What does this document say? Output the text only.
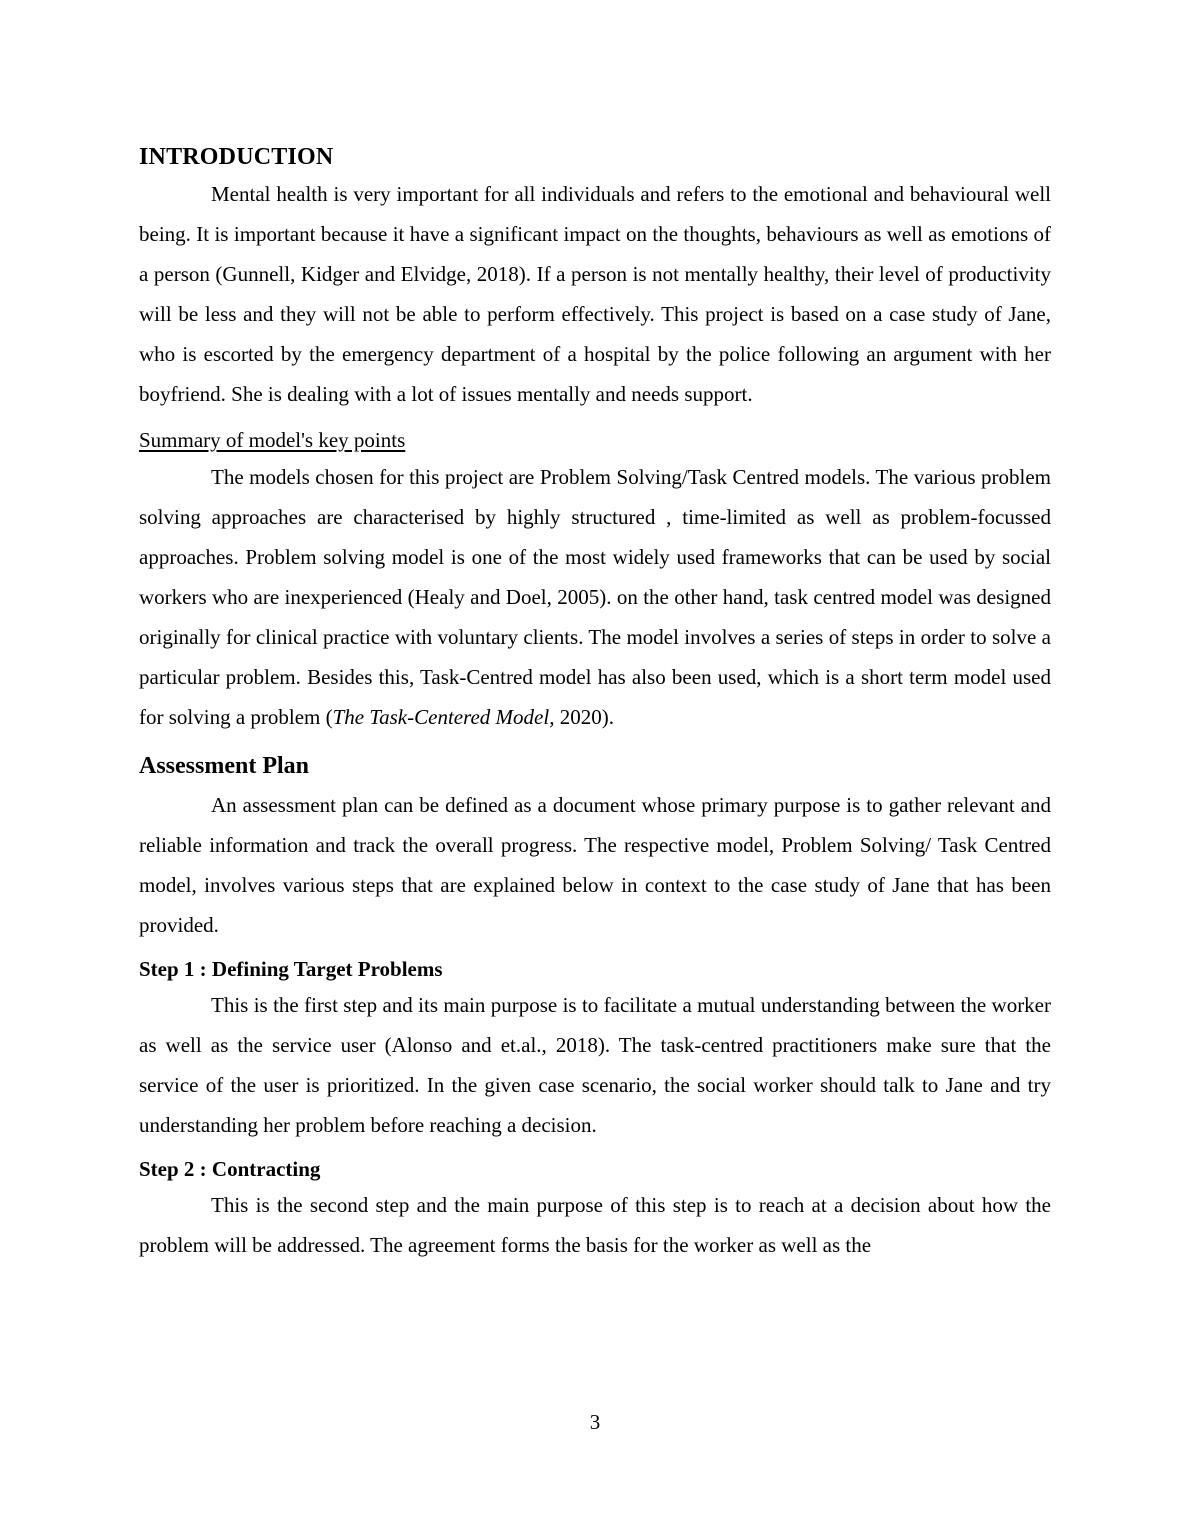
INTRODUCTION

Mental health is very important for all individuals and refers to the emotional and behavioural well being. It is important because it have a significant impact on the thoughts, behaviours as well as emotions of a person (Gunnell, Kidger and Elvidge, 2018). If a person is not mentally healthy, their level of productivity will be less and they will not be able to perform effectively. This project is based on a case study of Jane, who is escorted by the emergency department of a hospital by the police following an argument with her boyfriend. She is dealing with a lot of issues mentally and needs support.

Summary of model's key points

The models chosen for this project are Problem Solving/Task Centred models. The various problem solving approaches are characterised by highly structured , time-limited as well as problem-focussed approaches. Problem solving model is one of the most widely used frameworks that can be used by social workers who are inexperienced (Healy and Doel, 2005). on the other hand, task centred model was designed originally for clinical practice with voluntary clients. The model involves a series of steps in order to solve a particular problem. Besides this, Task-Centred model has also been used, which is a short term model used for solving a problem (The Task-Centered Model, 2020).

Assessment Plan

An assessment plan can be defined as a document whose primary purpose is to gather relevant and reliable information and track the overall progress. The respective model, Problem Solving/ Task Centred model, involves various steps that are explained below in context to the case study of Jane that has been provided.

Step 1 : Defining Target Problems

This is the first step and its main purpose is to facilitate a mutual understanding between the worker as well as the service user (Alonso and et.al., 2018). The task-centred practitioners make sure that the service of the user is prioritized. In the given case scenario, the social worker should talk to Jane and try understanding her problem before reaching a decision.

Step 2 : Contracting

This is the second step and the main purpose of this step is to reach at a decision about how the problem will be addressed. The agreement forms the basis for the worker as well as the

3
